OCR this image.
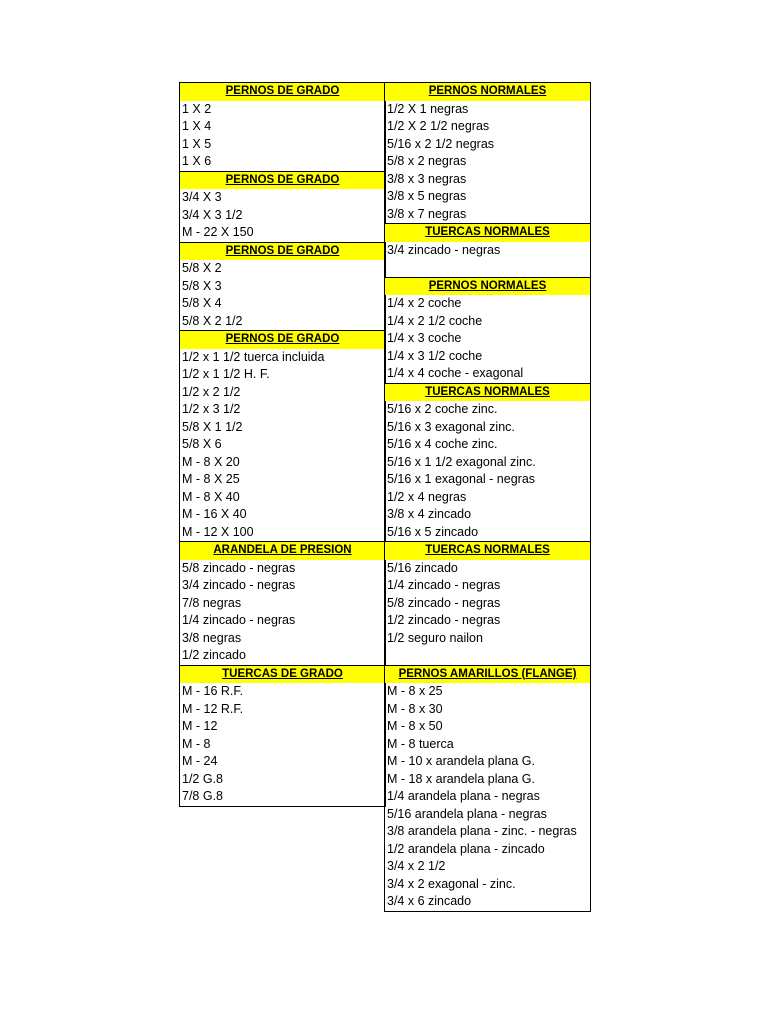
PERNOS DE GRADO
1 X 2
1 X 4
1 X 5
1 X 6
PERNOS DE GRADO
3/4 X 3
3/4 X 3 1/2
M - 22 X 150
PERNOS DE GRADO
5/8 X 2
5/8 X 3
5/8 X 4
5/8 X 2 1/2
PERNOS DE GRADO
1/2 x 1 1/2 tuerca incluida
1/2 x 1 1/2 H. F.
1/2 x 2 1/2
1/2 x 3 1/2
5/8 X 1 1/2
5/8 X 6
M - 8 X 20
M - 8 X 25
M - 8 X 40
M - 16 X 40
M - 12 X 100
ARANDELA DE PRESION
5/8 zincado - negras
3/4 zincado - negras
7/8 negras
1/4 zincado - negras
3/8 negras
1/2 zincado
TUERCAS DE GRADO
M - 16 R.F.
M - 12 R.F.
M - 12
M - 8
M - 24
1/2 G.8
7/8 G.8
PERNOS NORMALES
1/2 X 1 negras
1/2 X 2 1/2 negras
5/16 x 2 1/2 negras
5/8 x 2 negras
3/8 x 3 negras
3/8 x 5 negras
3/8 x 7 negras
TUERCAS NORMALES
3/4 zincado - negras
PERNOS NORMALES
1/4 x 2 coche
1/4 x 2 1/2 coche
1/4 x 3 coche
1/4 x 3 1/2 coche
1/4 x 4 coche - exagonal
TUERCAS NORMALES
5/16 x 2 coche zinc.
5/16 x 3 exagonal zinc.
5/16 x 4 coche zinc.
5/16 x 1 1/2 exagonal zinc.
5/16 x 1 exagonal - negras
1/2 x 4 negras
3/8 x 4 zincado
5/16 x 5 zincado
TUERCAS NORMALES
5/16 zincado
1/4 zincado - negras
5/8 zincado - negras
1/2 zincado - negras
1/2 seguro nailon
PERNOS AMARILLOS (FLANGE)
M - 8 x 25
M - 8 x 30
M - 8 x 50
M - 8 tuerca
M - 10 x arandela plana G.
M - 18 x arandela plana G.
1/4 arandela plana - negras
5/16 arandela plana - negras
3/8 arandela plana - zinc. - negras
1/2 arandela plana - zincado
3/4 x 2 1/2
3/4 x 2 exagonal - zinc.
3/4 x 6 zincado
